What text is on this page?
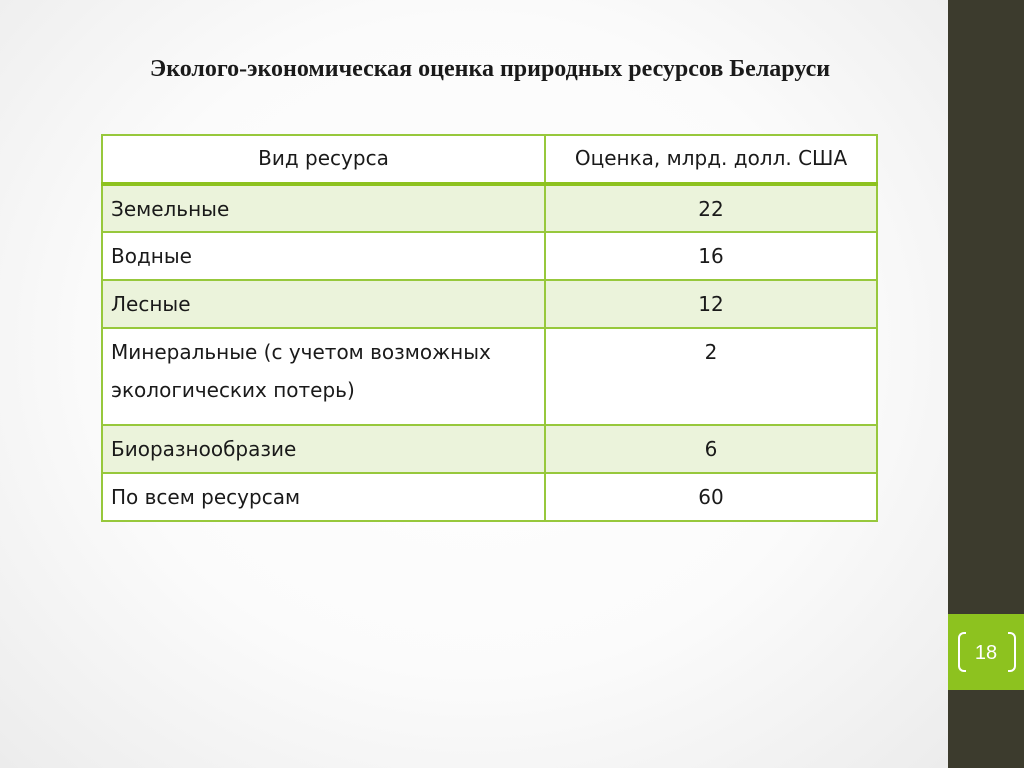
18
Эколого-экономическая оценка природных ресурсов Беларуси
Вид ресурса	Оценка, млрд. долл. США
Земельные	22
Водные	16
Лесные	12
Минеральные (с учетом возможных экологических потерь)	2
Биоразнообразие	6
По всем ресурсам	60
